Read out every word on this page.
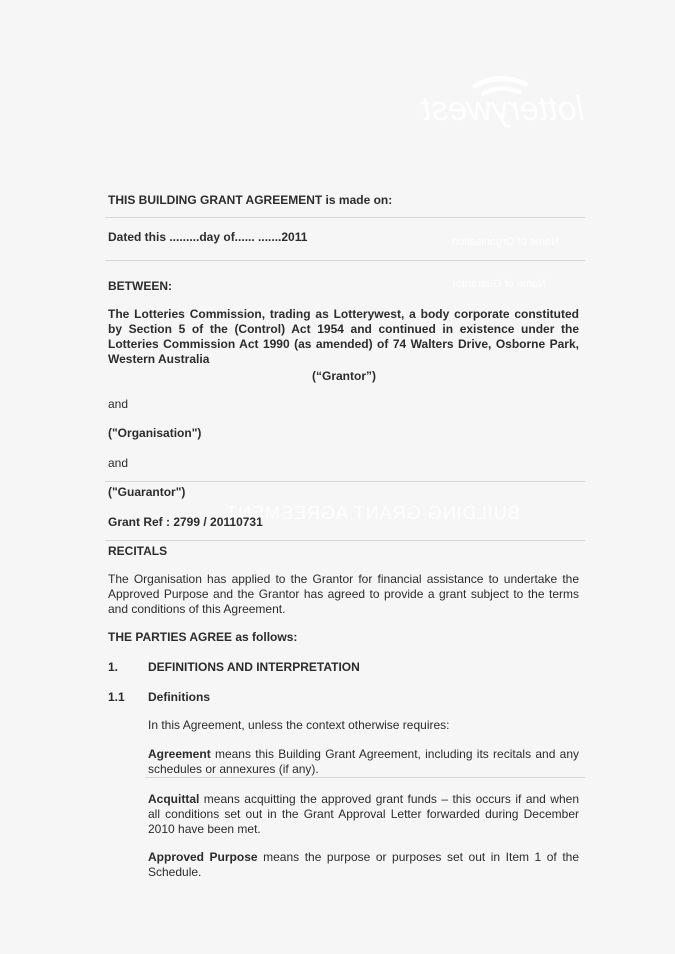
lotterywest
Name of Organisation
Name of Guarantor
BUILDING GRANT AGREEMENT
THIS BUILDING GRANT AGREEMENT is made on:
Dated this .........day of...... .......2011
BETWEEN:
The Lotteries Commission, trading as Lotterywest, a body corporate constituted by Section 5 of the (Control) Act 1954 and continued in existence under the Lotteries Commission Act 1990 (as amended) of 74 Walters Drive, Osborne Park, Western Australia
(“Grantor”)
and
("Organisation")
and
("Guarantor")
Grant Ref : 2799 / 20110731
RECITALS
The Organisation has applied to the Grantor for financial assistance to undertake the Approved Purpose and the Grantor has agreed to provide a grant subject to the terms and conditions of this Agreement.
THE PARTIES AGREE as follows:
1. DEFINITIONS AND INTERPRETATION
1.1 Definitions
In this Agreement, unless the context otherwise requires:
Agreement means this Building Grant Agreement, including its recitals and any schedules or annexures (if any).
Acquittal means acquitting the approved grant funds – this occurs if and when all conditions set out in the Grant Approval Letter forwarded during December 2010 have been met.
Approved Purpose means the purpose or purposes set out in Item 1 of the Schedule.
